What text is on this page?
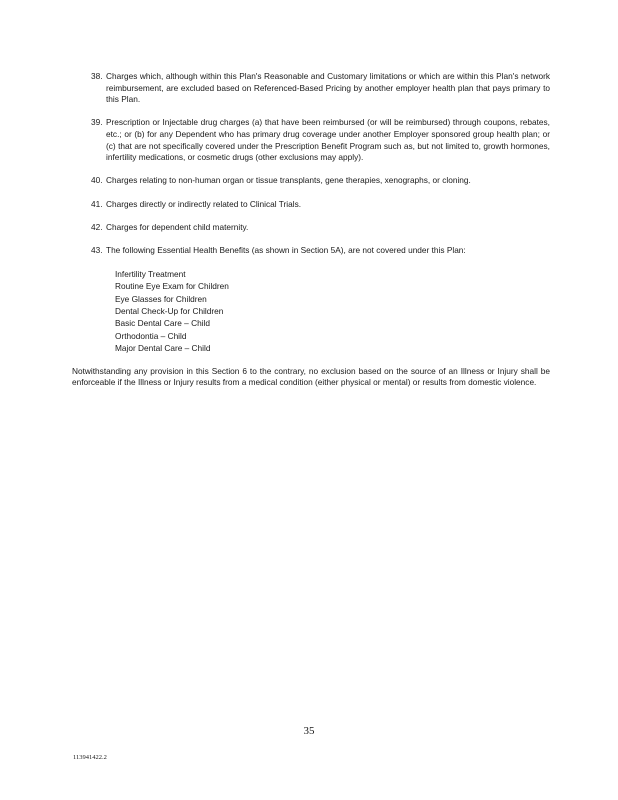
38. Charges which, although within this Plan's Reasonable and Customary limitations or which are within this Plan's network reimbursement, are excluded based on Referenced-Based Pricing by another employer health plan that pays primary to this Plan.
39. Prescription or Injectable drug charges (a) that have been reimbursed (or will be reimbursed) through coupons, rebates, etc.; or (b) for any Dependent who has primary drug coverage under another Employer sponsored group health plan; or (c) that are not specifically covered under the Prescription Benefit Program such as, but not limited to, growth hormones, infertility medications, or cosmetic drugs (other exclusions may apply).
40. Charges relating to non-human organ or tissue transplants, gene therapies, xenographs, or cloning.
41. Charges directly or indirectly related to Clinical Trials.
42. Charges for dependent child maternity.
43. The following Essential Health Benefits (as shown in Section 5A), are not covered under this Plan:
Infertility Treatment
Routine Eye Exam for Children
Eye Glasses for Children
Dental Check-Up for Children
Basic Dental Care – Child
Orthodontia – Child
Major Dental Care – Child

Notwithstanding any provision in this Section 6 to the contrary, no exclusion based on the source of an Illness or Injury shall be enforceable if the Illness or Injury results from a medical condition (either physical or mental) or results from domestic violence.

35
113941422.2
